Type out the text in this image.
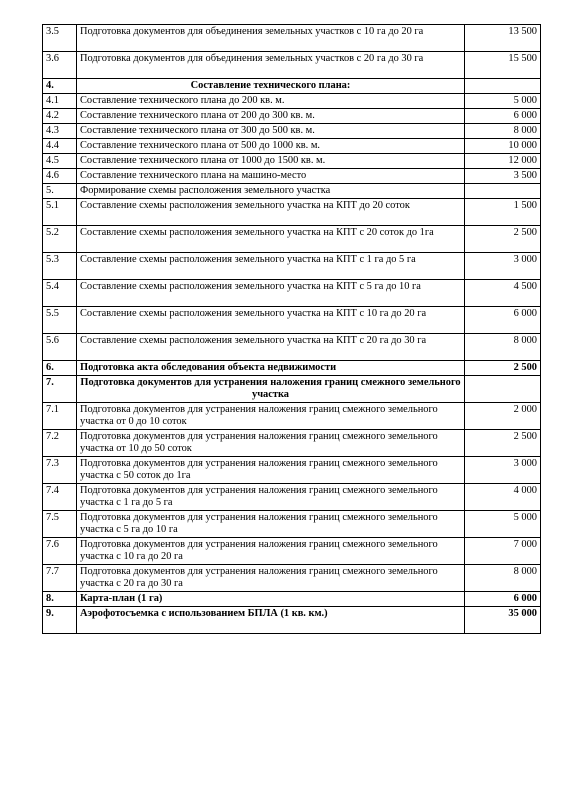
3.5	Подготовка документов для объединения земельных участков с 10 га до 20 га	13 500
3.6	Подготовка документов для объединения земельных участков с 20 га до 30 га	15 500
4.	Составление технического плана:	
4.1	Составление технического плана до 200 кв. м.	5 000
4.2	Составление технического плана от 200 до 300 кв. м.	6 000
4.3	Составление технического плана от 300 до 500 кв. м.	8 000
4.4	Составление технического плана от 500 до 1000 кв. м.	10 000
4.5	Составление технического плана от 1000 до 1500 кв. м.	12 000
4.6	Составление технического плана на машино-место	3 500
5.	Формирование схемы расположения земельного участка	
5.1	Составление схемы расположения земельного участка на КПТ до 20 соток	1 500
5.2	Составление схемы расположения земельного участка на КПТ с 20 соток до 1га	2 500
5.3	Составление схемы расположения земельного участка на КПТ с 1 га до 5 га	3 000
5.4	Составление схемы расположения земельного участка на КПТ с 5 га до 10 га	4 500
5.5	Составление схемы расположения земельного участка на КПТ с 10 га до 20 га	6 000
5.6	Составление схемы расположения земельного участка на КПТ с 20 га до 30 га	8 000
6.	Подготовка акта обследования объекта недвижимости	2 500
7.	Подготовка документов для устранения наложения границ смежного земельного участка	
7.1	Подготовка документов для устранения наложения границ смежного земельного участка от 0 до 10 соток	2 000
7.2	Подготовка документов для устранения наложения границ смежного земельного участка от 10 до 50 соток	2 500
7.3	Подготовка документов для устранения наложения границ смежного земельного участка с 50 соток до 1га	3 000
7.4	Подготовка документов для устранения наложения границ смежного земельного участка с 1 га до 5 га	4 000
7.5	Подготовка документов для устранения наложения границ смежного земельного участка с 5 га до 10 га	5 000
7.6	Подготовка документов для устранения наложения границ смежного земельного участка с 10 га до 20 га	7 000
7.7	Подготовка документов для устранения наложения границ смежного земельного участка с 20 га до 30 га	8 000
8.	Карта-план (1 га)	6 000
9.	Аэрофотосъемка с использованием БПЛА (1 кв. км.)	35 000
